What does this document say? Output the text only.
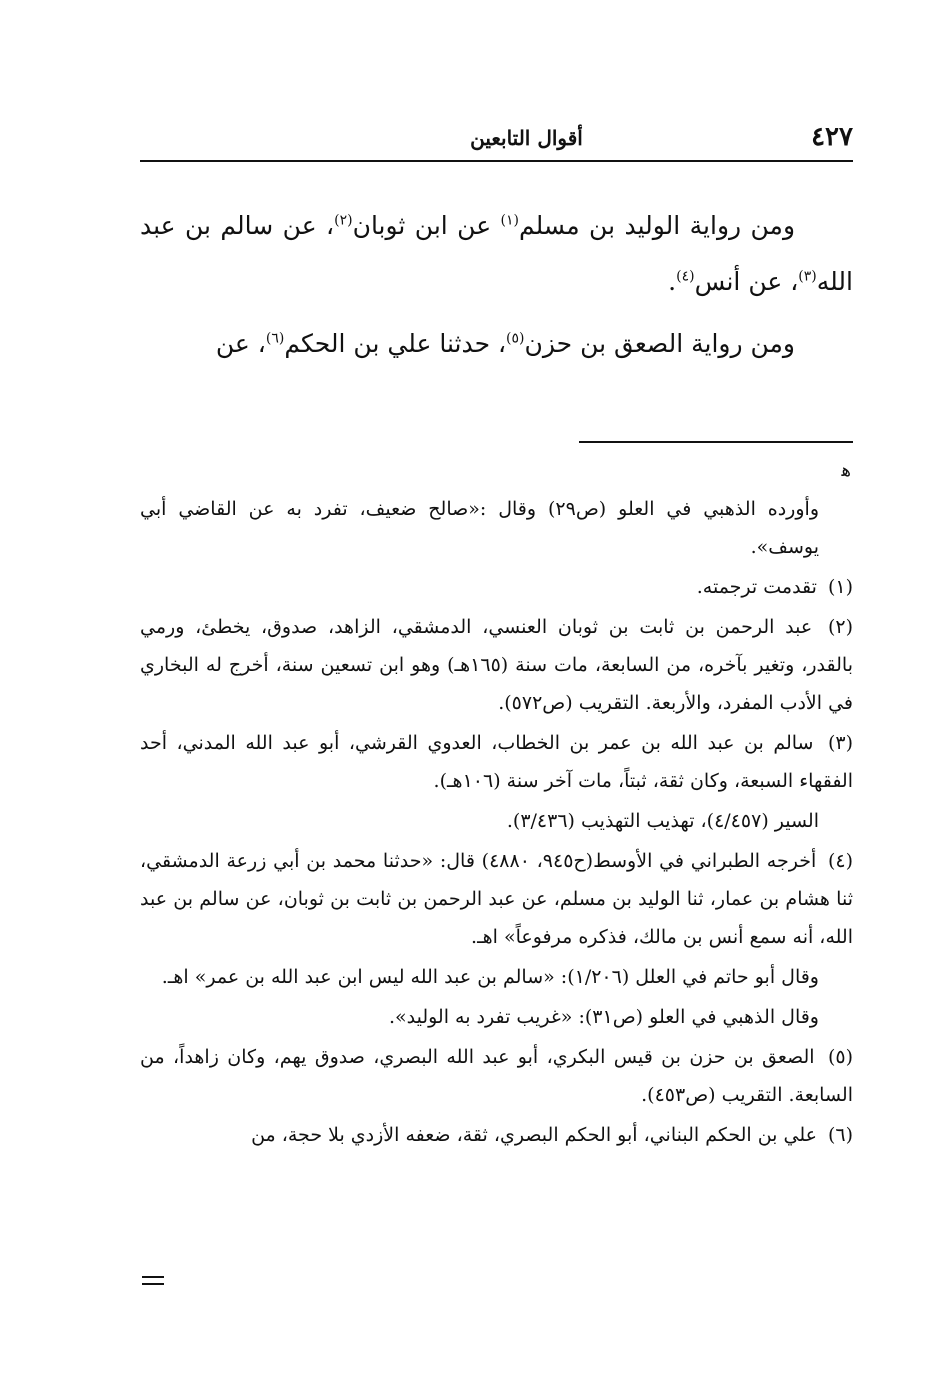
٤٢٧
أقوال التابعين

ومن رواية الوليد بن مسلم$^{(١)}$ عن ابن ثوبان$^{(٢)}$، عن سالم بن عبد الله$^{(٣)}$، عن أنس$^{(٤)}$.

ومن رواية الصعق بن حزن$^{(٥)}$، حدثنا علي بن الحكم$^{(٦)}$، عن

ﻫ

وأورده الذهبي في العلو (ص٢٩) وقال :«صالح ضعيف، تفرد به عن القاضي أبي يوسف».

(١) تقدمت ترجمته.

(٢) عبد الرحمن بن ثابت بن ثوبان العنسي، الدمشقي، الزاهد، صدوق، يخطئ، ورمي بالقدر، وتغير بآخره، من السابعة، مات سنة (١٦٥هـ) وهو ابن تسعين سنة، أخرج له البخاري في الأدب المفرد، والأربعة. التقريب (ص٥٧٢).

(٣) سالم بن عبد الله بن عمر بن الخطاب، العدوي القرشي، أبو عبد الله المدني، أحد الفقهاء السبعة، وكان ثقة، ثبتاً، مات آخر سنة (١٠٦هـ).

السير (٤/٤٥٧)، تهذيب التهذيب (٣/٤٣٦).

(٤) أخرجه الطبراني في الأوسط(ح٩٤٥، ٤٨٨٠) قال: «حدثنا محمد بن أبي زرعة الدمشقي، ثنا هشام بن عمار، ثنا الوليد بن مسلم، عن عبد الرحمن بن ثابت بن ثوبان، عن سالم بن عبد الله، أنه سمع أنس بن مالك، فذكره مرفوعاً» اهـ.

وقال أبو حاتم في العلل (١/٢٠٦): «سالم بن عبد الله ليس ابن عبد الله بن عمر» اهـ.

وقال الذهبي في العلو (ص٣١): «غريب تفرد به الوليد».

(٥) الصعق بن حزن بن قيس البكري، أبو عبد الله البصري، صدوق يهم، وكان زاهداً، من السابعة. التقريب (ص٤٥٣).

(٦) علي بن الحكم البناني، أبو الحكم البصري، ثقة، ضعفه الأزدي بلا حجة، من
